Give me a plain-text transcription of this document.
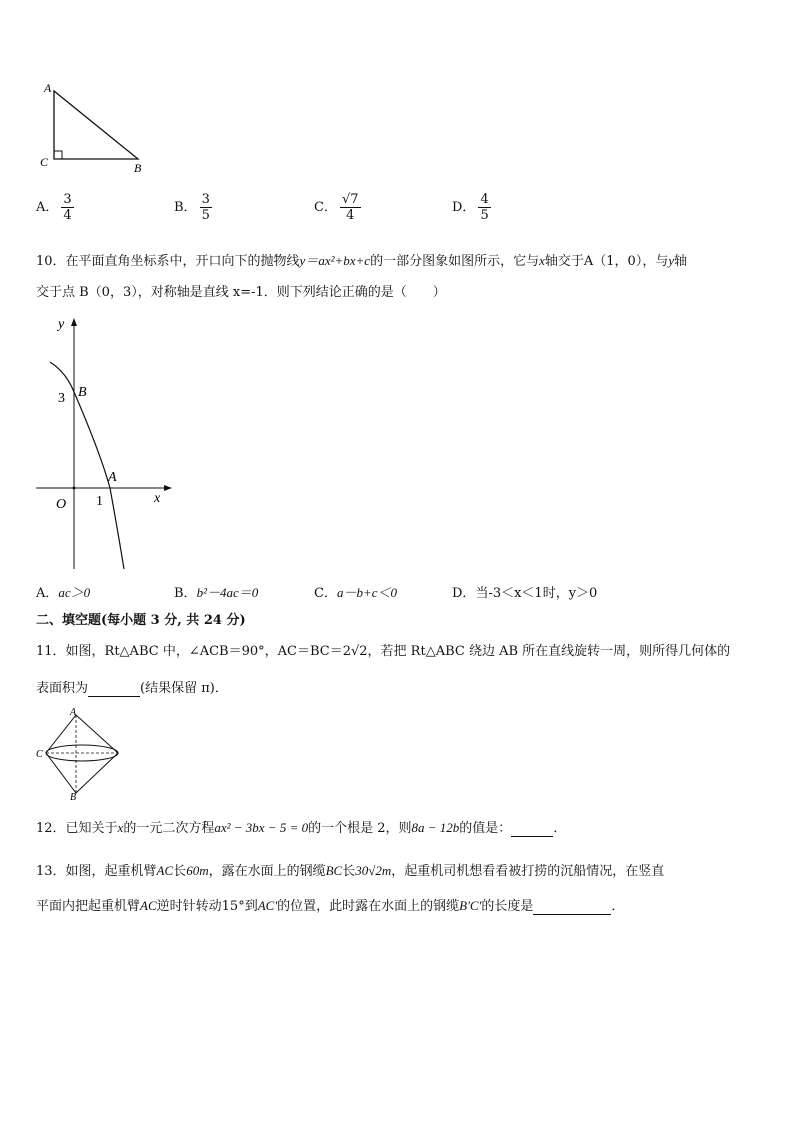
A
C	B
A． $\frac{3}{4}$	B． $\frac{3}{5}$	C． $\frac{√7}{4}$	D． $\frac{4}{5}$
10．在平面直角坐标系中，开口向下的抛物线y＝ax²+bx+c的一部分图象如图所示，它与x轴交于A（1，0），与y轴
交于点 B（0，3），对称轴是直线 x=-1．则下列结论正确的是（　　）
y
B
3
A
O 1	x
A．ac＞0	B．b²－4ac＝0	C．a－b+c＜0	D．当-3＜x＜1时，y＞0
二、填空题(每小题 3 分, 共 24 分)
11．如图，Rt△ABC 中，∠ACB＝90°，AC＝BC＝2√2，若把 Rt△ABC 绕边 AB 所在直线旋转一周，则所得几何体的
表面积为	(结果保留 π)．
A
C
B
12．已知关于x的一元二次方程ax² − 3bx − 5 = 0的一个根是 2，则8a − 12b的值是：	．
13．如图，起重机臂AC长60m，露在水面上的钢缆BC长30√2m，起重机司机想看看被打捞的沉船情况，在竖直
平面内把起重机臂AC逆时针转动15°到AC'的位置，此时露在水面上的钢缆B'C'的长度是	．
